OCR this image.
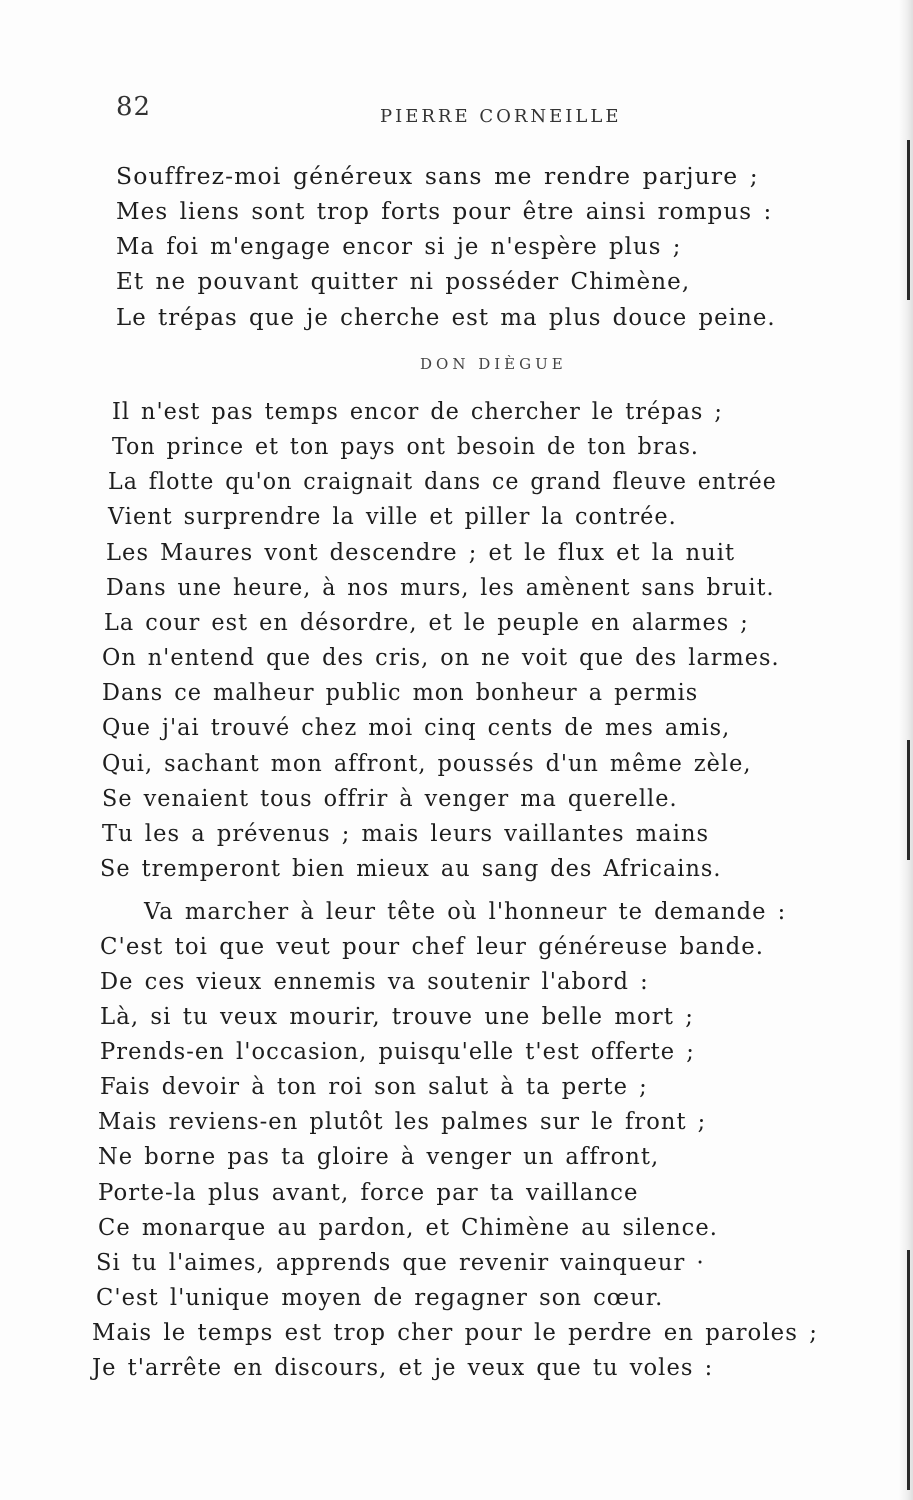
82	PIERRE CORNEILLE
Souffrez-moi généreux sans me rendre parjure ;
Mes liens sont trop forts pour être ainsi rompus :
Ma foi m'engage encor si je n'espère plus ;
Et ne pouvant quitter ni posséder Chimène,
Le trépas que je cherche est ma plus douce peine.
DON DIÈGUE
Il n'est pas temps encor de chercher le trépas ;
Ton prince et ton pays ont besoin de ton bras.
La flotte qu'on craignait dans ce grand fleuve entrée
Vient surprendre la ville et piller la contrée.
Les Maures vont descendre ; et le flux et la nuit
Dans une heure, à nos murs, les amènent sans bruit.
La cour est en désordre, et le peuple en alarmes ;
On n'entend que des cris, on ne voit que des larmes.
Dans ce malheur public mon bonheur a permis
Que j'ai trouvé chez moi cinq cents de mes amis,
Qui, sachant mon affront, poussés d'un même zèle,
Se venaient tous offrir à venger ma querelle.
Tu les a prévenus ; mais leurs vaillantes mains
Se tremperont bien mieux au sang des Africains.
Va marcher à leur tête où l'honneur te demande :
C'est toi que veut pour chef leur généreuse bande.
De ces vieux ennemis va soutenir l'abord :
Là, si tu veux mourir, trouve une belle mort ;
Prends-en l'occasion, puisqu'elle t'est offerte ;
Fais devoir à ton roi son salut à ta perte ;
Mais reviens-en plutôt les palmes sur le front ;
Ne borne pas ta gloire à venger un affront,
Porte-la plus avant, force par ta vaillance
Ce monarque au pardon, et Chimène au silence.
Si tu l'aimes, apprends que revenir vainqueur ·
C'est l'unique moyen de regagner son cœur.
Mais le temps est trop cher pour le perdre en paroles ;
Je t'arrête en discours, et je veux que tu voles :
